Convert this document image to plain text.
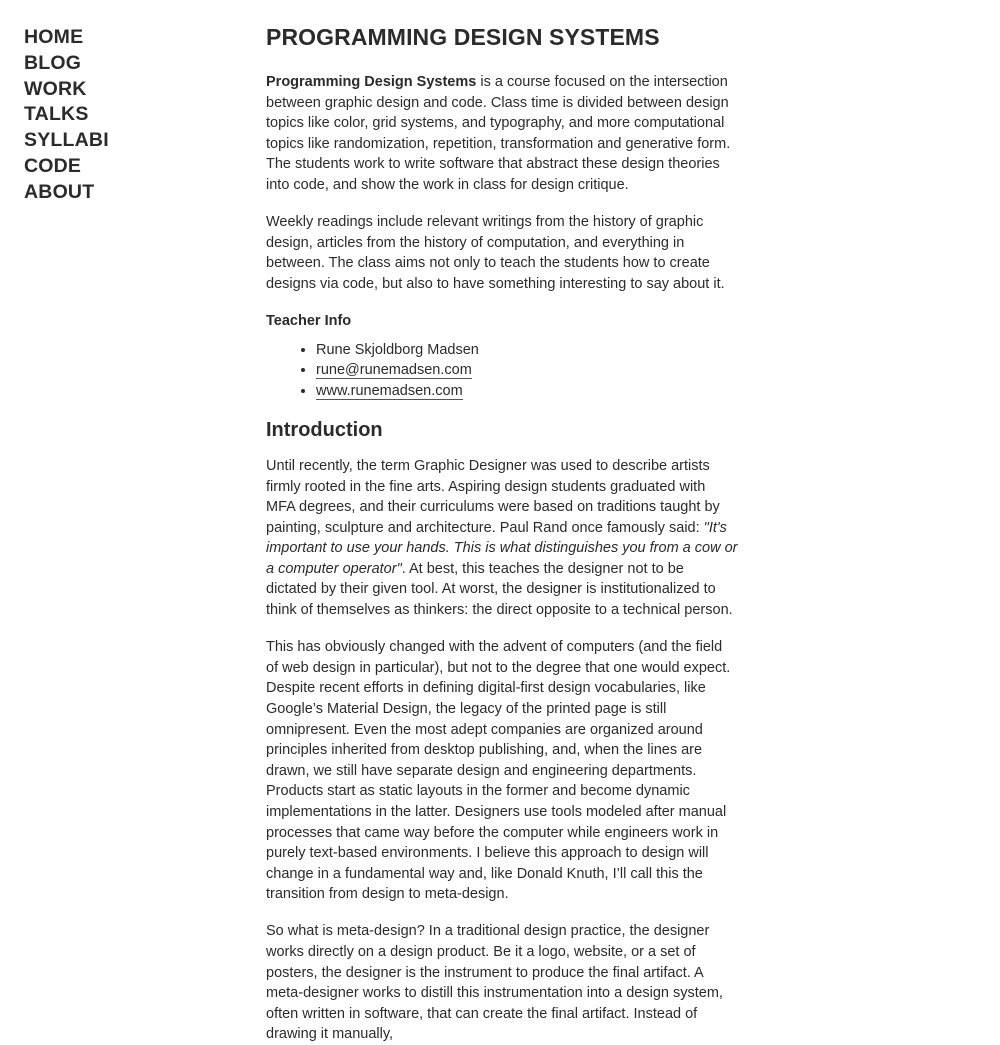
HOME
BLOG
WORK
TALKS
SYLLABI
CODE
ABOUT
PROGRAMMING DESIGN SYSTEMS

Programming Design Systems is a course focused on the intersection between graphic design and code. Class time is divided between design topics like color, grid systems, and typography, and more computational topics like randomization, repetition, transformation and generative form. The students work to write software that abstract these design theories into code, and show the work in class for design critique.

Weekly readings include relevant writings from the history of graphic design, articles from the history of computation, and everything in between. The class aims not only to teach the students how to create designs via code, but also to have something interesting to say about it.

Teacher Info
• Rune Skjoldborg Madsen
• rune@runemadsen.com
• www.runemadsen.com
Introduction

Until recently, the term Graphic Designer was used to describe artists firmly rooted in the fine arts. Aspiring design students graduated with MFA degrees, and their curriculums were based on traditions taught by painting, sculpture and architecture. Paul Rand once famously said: "It's important to use your hands. This is what distinguishes you from a cow or a computer operator". At best, this teaches the designer not to be dictated by their given tool. At worst, the designer is institutionalized to think of themselves as thinkers: the direct opposite to a technical person.

This has obviously changed with the advent of computers (and the field of web design in particular), but not to the degree that one would expect. Despite recent efforts in defining digital-first design vocabularies, like Google’s Material Design, the legacy of the printed page is still omnipresent. Even the most adept companies are organized around principles inherited from desktop publishing, and, when the lines are drawn, we still have separate design and engineering departments. Products start as static layouts in the former and become dynamic implementations in the latter. Designers use tools modeled after manual processes that came way before the computer while engineers work in purely text-based environments. I believe this approach to design will change in a fundamental way and, like Donald Knuth, I’ll call this the transition from design to meta-design.

So what is meta-design? In a traditional design practice, the designer works directly on a design product. Be it a logo, website, or a set of posters, the designer is the instrument to produce the final artifact. A meta-designer works to distill this instrumentation into a design system, often written in software, that can create the final artifact. Instead of drawing it manually,
